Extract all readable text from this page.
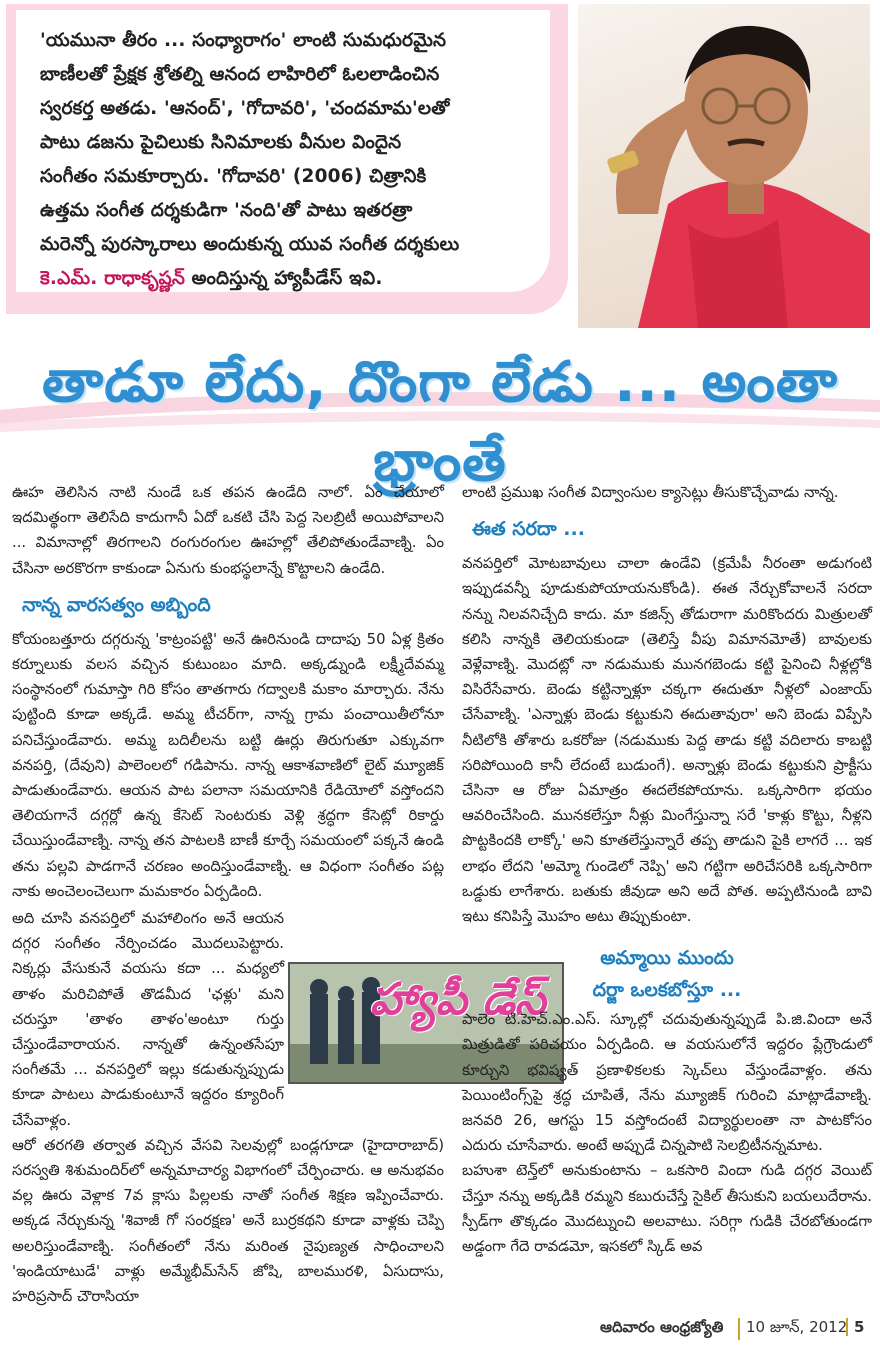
'యమునా తీరం ... సంధ్యారాగం' లాంటి సుమధురమైన
బాణీలతో ప్రేక్షక శ్రోతల్ని ఆనంద లాహిరిలో ఓలలాడించిన
స్వరకర్త అతడు. 'ఆనంద్', 'గోదావరి', 'చందమామ'లతో
పాటు డజను పైచిలుకు సినిమాలకు వీనుల విందైన
సంగీతం సమకూర్చారు. 'గోదావరి' (2006) చిత్రానికి
ఉత్తమ సంగీత దర్శకుడిగా 'నంది'తో పాటు ఇతరత్రా
మరెన్నో పురస్కారాలు అందుకున్న యువ సంగీత దర్శకులు
కె.ఎమ్. రాధాకృష్ణన్ అందిస్తున్న హ్యాపీడేస్ ఇవి.
తాడూ లేదు, దొంగా లేడు ... అంతా భ్రాంతే

ఊహ తెలిసిన నాటి నుండే ఒక తపన ఉండేది నాలో. ఏం చేయాలో ఇదమిత్థంగా తెలిసేది కాదుగానీ ఏదో ఒకటి చేసి పెద్ద సెలబ్రిటీ అయిపోవాలని ... విమానాల్లో తిరగాలని రంగురంగుల ఊహల్లో తేలిపోతుండేవాణ్ని. ఏం చేసినా అరకొరగా కాకుండా ఏనుగు కుంభస్థలాన్నే కొట్టాలని ఉండేది.

నాన్న వారసత్వం అబ్బింది

కోయంబత్తూరు దగ్గరున్న 'కాట్రంపట్టి' అనే ఊరినుండి దాదాపు 50 ఏళ్ల క్రితం కర్నూలుకు వలస వచ్చిన కుటుంబం మాది. అక్కడ్నుండి లక్ష్మీదేవమ్మ సంస్థానంలో గుమాస్తా గిరి కోసం తాతగారు గద్వాలకి మకాం మార్చారు. నేను పుట్టింది కూడా అక్కడే. అమ్మ టీచర్‌గా, నాన్న గ్రామ పంచాయితీలోనూ పనిచేస్తుండేవారు. అమ్మ బదిలీలను బట్టి ఊర్లు తిరుగుతూ ఎక్కువగా వనపర్తి, (దేవుని) పాలెంలలో గడిపాను. నాన్న ఆకాశవాణిలో లైట్ మ్యూజిక్ పాడుతుండేవారు. ఆయన పాట పలానా సమయానికి రేడియోలో వస్తోందని తెలియగానే దగ్గర్లో ఉన్న కేసెట్ సెంటరుకు వెళ్లి శ్రద్ధగా కేసెట్లో రికార్డు చేయిస్తుండేవాణ్ని. నాన్న తన పాటలకి బాణీ కూర్చే సమయంలో పక్కనే ఉండి తను పల్లవి పాడగానే చరణం అందిస్తుండేవాణ్ని. ఆ విధంగా సంగీతం పట్ల నాకు అంచెలంచెలుగా మమకారం ఏర్పడింది.

అది చూసి వనపర్తిలో మహాలింగం అనే ఆయన దగ్గర సంగీతం నేర్పించడం మొదలుపెట్టారు. నిక్కర్లు వేసుకునే వయసు కదా ... మధ్యలో తాళం మరిచిపోతే తొడమీద 'ఛళ్లు' మని చరుస్తూ 'తాళం తాళం'అంటూ గుర్తు చేస్తుండేవారాయన. నాన్నతో ఉన్నంతసేపూ సంగీతమే ... వనపర్తిలో ఇల్లు కడుతున్నప్పుడు కూడా పాటలు పాడుకుంటూనే ఇద్దరం క్యూరింగ్ చేసేవాళ్లం.

ఆరో తరగతి తర్వాత వచ్చిన వేసవి సెలవుల్లో బండ్లగూడా (హైదారాబాద్) సరస్వతి శిశుమందిర్‌లో అన్నమాచార్య విభాగంలో చేర్పించారు. ఆ అనుభవం వల్ల ఊరు వెళ్లాక 7వ క్లాసు పిల్లలకు నాతో సంగీత శిక్షణ ఇప్పించేవారు. అక్కడ నేర్చుకున్న 'శివాజీ గో సంరక్షణ' అనే బుర్రకథని కూడా వాళ్లకు చెప్పి అలరిస్తుండేవాణ్ని. సంగీతంలో నేను మరింత నైపుణ్యత సాధించాలని 'ఇండియాటుడే' వాళ్లు అమ్మేభీమ్‌సేన్ జోషి, బాలమురళి, ఏసుదాసు, హరిప్రసాద్ చౌరాసియా

హ్యాపీ డేస్

లాంటి ప్రముఖ సంగీత విద్వాంసుల క్యాసెట్లు తీసుకొచ్చేవాడు నాన్న.

ఈత సరదా ...

వనపర్తిలో మోటబావులు చాలా ఉండేవి (క్రమేపీ నీరంతా అడుగంటి ఇప్పుడవన్నీ పూడుకుపోయాయనుకోండి). ఈత నేర్చుకోవాలనే సరదా నన్ను నిలవనిచ్చేది కాదు. మా కజిన్స్ తోడురాగా మరికొందరు మిత్రులతో కలిసి నాన్నకి తెలియకుండా (తెలిస్తే వీపు విమానమోతే) బావులకు వెళ్లేవాణ్ని. మొదట్లో నా నడుముకు మునగబెండు కట్టి పైనించి నీళ్లల్లోకి విసిరేసేవారు. బెండు కట్టిన్నాళ్లూ చక్కగా ఈదుతూ నీళ్లలో ఎంజాయ్ చేసేవాణ్ని. 'ఎన్నాళ్లు బెండు కట్టుకుని ఈదుతావురా' అని బెండు విప్పేసి నీటిలోకి తోశారు ఒకరోజు (నడుముకు పెద్ద తాడు కట్టి వదిలారు కాబట్టి సరిపోయింది కానీ లేదంటే బుడుంగే). అన్నాళ్లు బెండు కట్టుకుని ప్రాక్టీసు చేసినా ఆ రోజు ఏమాత్రం ఈదలేకపోయాను. ఒక్కసారిగా భయం ఆవరించేసింది. మునకలేస్తూ నీళ్లు మింగేస్తున్నా సరే 'కాళ్లు కొట్టు, నీళ్లని పొట్టకిందకి లాక్కో' అని కూతలేస్తున్నారే తప్ప తాడుని పైకి లాగరే ... ఇక లాభం లేదని 'అమ్మో గుండెలో నెప్పి' అని గట్టిగా అరిచేసరికి ఒక్కసారిగా ఒడ్డుకు లాగేశారు. బతుకు జీవుడా అని అదే పోత. అప్పటినుండి బావి ఇటు కనిపిస్తే మొహం అటు తిప్పుకుంటా.

అమ్మాయి ముందు
దర్జా ఒలకబోస్తూ ...

పాలెం టి.హెచ్.ఎం.ఎస్. స్కూల్లో చదువుతున్నప్పుడే పి.జి.విందా అనే మిత్రుడితో పరిచయం ఏర్పడింది. ఆ వయసులోనే ఇద్దరం ప్లేగ్రౌండులో కూర్చుని భవిష్యత్ ప్రణాళికలకు స్కెచ్‌లు వేస్తుండేవాళ్లం. తను పెయింటింగ్స్‌పై శ్రద్ధ చూపితే, నేను మ్యూజిక్ గురించి మాట్లాడేవాణ్ని. జనవరి 26, ఆగస్టు 15 వస్తోందంటే విద్యార్థులంతా నా పాటకోసం ఎదురు చూసేవారు. అంటే అప్పుడే చిన్నపాటి సెలబ్రిటీనన్నమాట.

బహుశా టెన్త్‌లో అనుకుంటాను – ఒకసారి విందా గుడి దగ్గర వెయిట్ చేస్తూ నన్ను అక్కడికి రమ్మని కబురుచేస్తే సైకిల్ తీసుకుని బయలుదేరాను. స్పీడ్‌గా తొక్కడం మొదట్నుంచి అలవాటు. సరిగ్గా గుడికి చేరబోతుండగా అడ్డంగా గేదె రావడమో, ఇసకలో స్కిడ్ అవ

ఆదివారం ఆంధ్రజ్యోతి	10 జూన్, 2012 5
